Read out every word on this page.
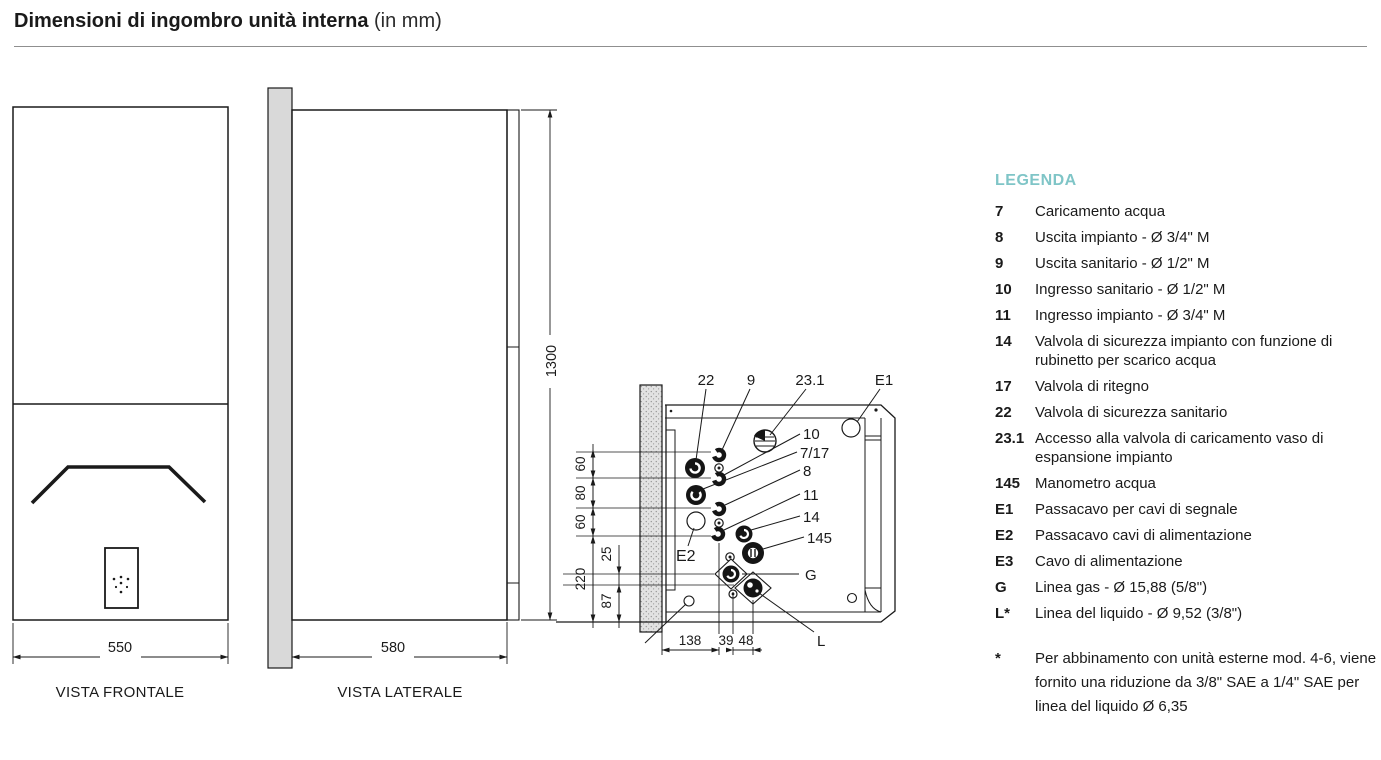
Dimensioni di ingombro unità interna (in mm)
550
VISTA FRONTALE
1300
580
VISTA LATERALE
22 9	23.1	E1
10
7/17
8
11
14
145
G
L
E2
60
80
60
220
25
87
138 39 48
LEGENDA
7	Caricamento acqua
8	Uscita impianto - Ø 3/4" M
9	Uscita sanitario - Ø 1/2" M
10	Ingresso sanitario - Ø 1/2" M
11	Ingresso impianto - Ø 3/4" M
14	Valvola di sicurezza impianto con funzione di rubinetto per scarico acqua
17	Valvola di ritegno
22	Valvola di sicurezza sanitario
23.1 Accesso alla valvola di caricamento vaso di espansione impianto
145 Manometro acqua
E1	Passacavo per cavi di segnale
E2	Passacavo cavi di alimentazione
E3	Cavo di alimentazione
G	Linea gas - Ø 15,88 (5/8")
L*	Linea del liquido - Ø 9,52 (3/8")
*	Per abbinamento con unità esterne mod. 4-6, viene fornito una riduzione da 3/8" SAE a 1/4" SAE per linea del liquido Ø 6,35
